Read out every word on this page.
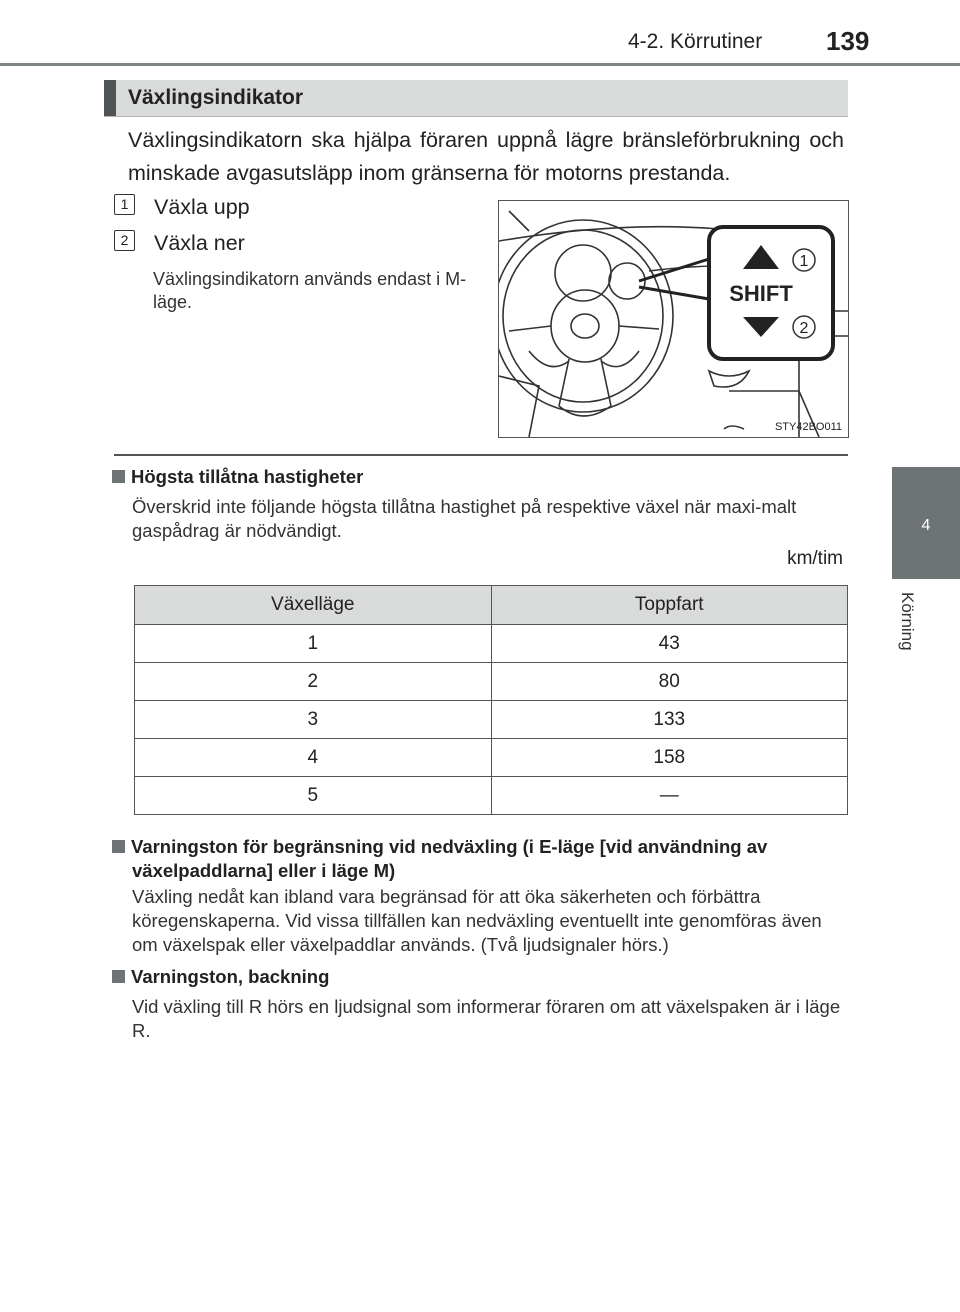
4-2. Körrutiner 139
4
Körning
Växlingsindikator
Växlingsindikatorn ska hjälpa föraren uppnå lägre bränsleförbrukning och minskade avgasutsläpp inom gränserna för motorns prestanda.
1	Växla upp
2	Växla ner
Växlingsindikatorn används endast i M-läge.	SHIFT
1
2
STY42BO011
Högsta tillåtna hastigheter
Överskrid inte följande högsta tillåtna hastighet på respektive växel när maxi-malt gaspådrag är nödvändigt.
km/tim
Växelläge	Toppfart
1	43
2	80
3	133
4	158
5	—
Varningston för begränsning vid nedväxling (i E-läge [vid användning av
växelpaddlarna] eller i läge M)
Växling nedåt kan ibland vara begränsad för att öka säkerheten och förbättra köregenskaperna. Vid vissa tillfällen kan nedväxling eventuellt inte genomföras även om växelspak eller växelpaddlar används. (Två ljudsignaler hörs.)
Varningston, backning
Vid växling till R hörs en ljudsignal som informerar föraren om att växelspaken är i läge R.
